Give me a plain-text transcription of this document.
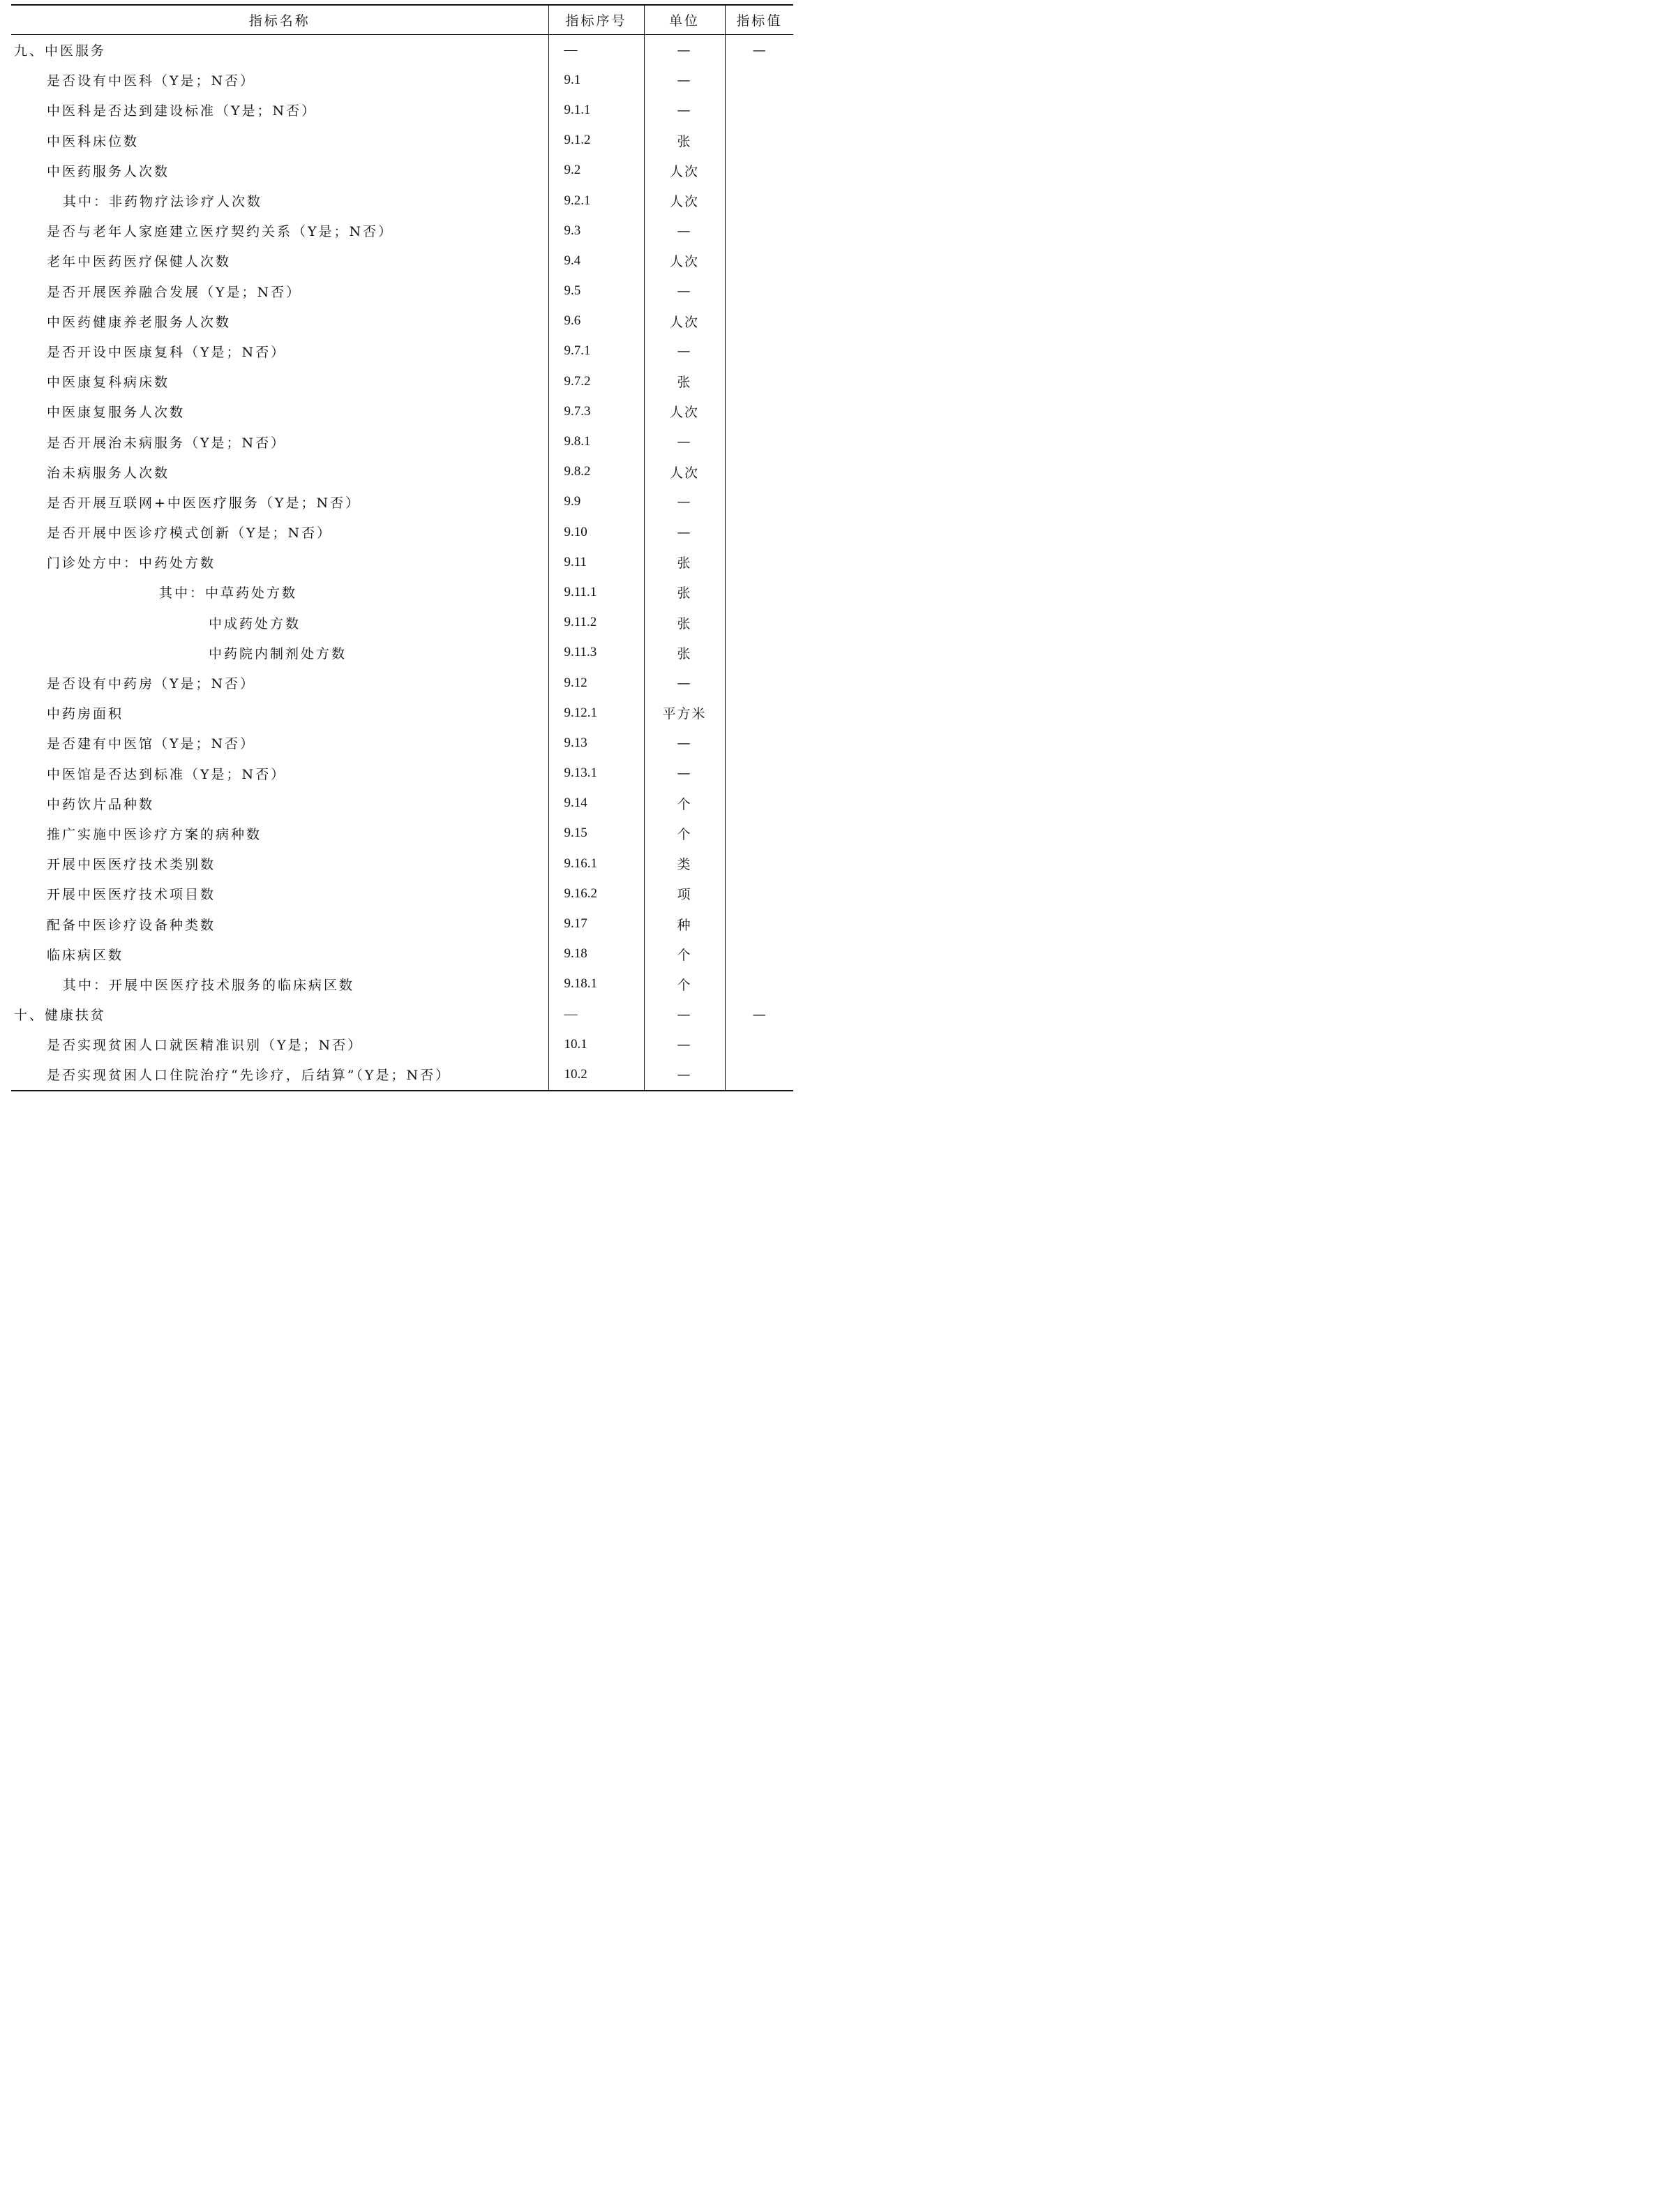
指标名称	指标序号	单位	指标值
九、中医服务	—	—	—
是否设有中医科（Y是；N否）	9.1	—	
中医科是否达到建设标准（Y是；N否）	9.1.1	—	
中医科床位数	9.1.2	张	
中医药服务人次数	9.2	人次	
其中：非药物疗法诊疗人次数	9.2.1	人次	
是否与老年人家庭建立医疗契约关系（Y是；N否）	9.3	—	
老年中医药医疗保健人次数	9.4	人次	
是否开展医养融合发展（Y是；N否）	9.5	—	
中医药健康养老服务人次数	9.6	人次	
是否开设中医康复科（Y是；N否）	9.7.1	—	
中医康复科病床数	9.7.2	张	
中医康复服务人次数	9.7.3	人次	
是否开展治未病服务（Y是；N否）	9.8.1	—	
治未病服务人次数	9.8.2	人次	
是否开展互联网+中医医疗服务（Y是；N否）	9.9	—	
是否开展中医诊疗模式创新（Y是；N否）	9.10	—	
门诊处方中：中药处方数	9.11	张	
其中：中草药处方数	9.11.1	张	
中成药处方数	9.11.2	张	
中药院内制剂处方数	9.11.3	张	
是否设有中药房（Y是；N否）	9.12	—	
中药房面积	9.12.1	平方米	
是否建有中医馆（Y是；N否）	9.13	—	
中医馆是否达到标准（Y是；N否）	9.13.1	—	
中药饮片品种数	9.14	个	
推广实施中医诊疗方案的病种数	9.15	个	
开展中医医疗技术类别数	9.16.1	类	
开展中医医疗技术项目数	9.16.2	项	
配备中医诊疗设备种类数	9.17	种	
临床病区数	9.18	个	
其中：开展中医医疗技术服务的临床病区数	9.18.1	个	
十、健康扶贫	—	—	—
是否实现贫困人口就医精准识别（Y是；N否）	10.1	—	
是否实现贫困人口住院治疗“先诊疗，后结算”（Y是；N否）	10.2	—	
